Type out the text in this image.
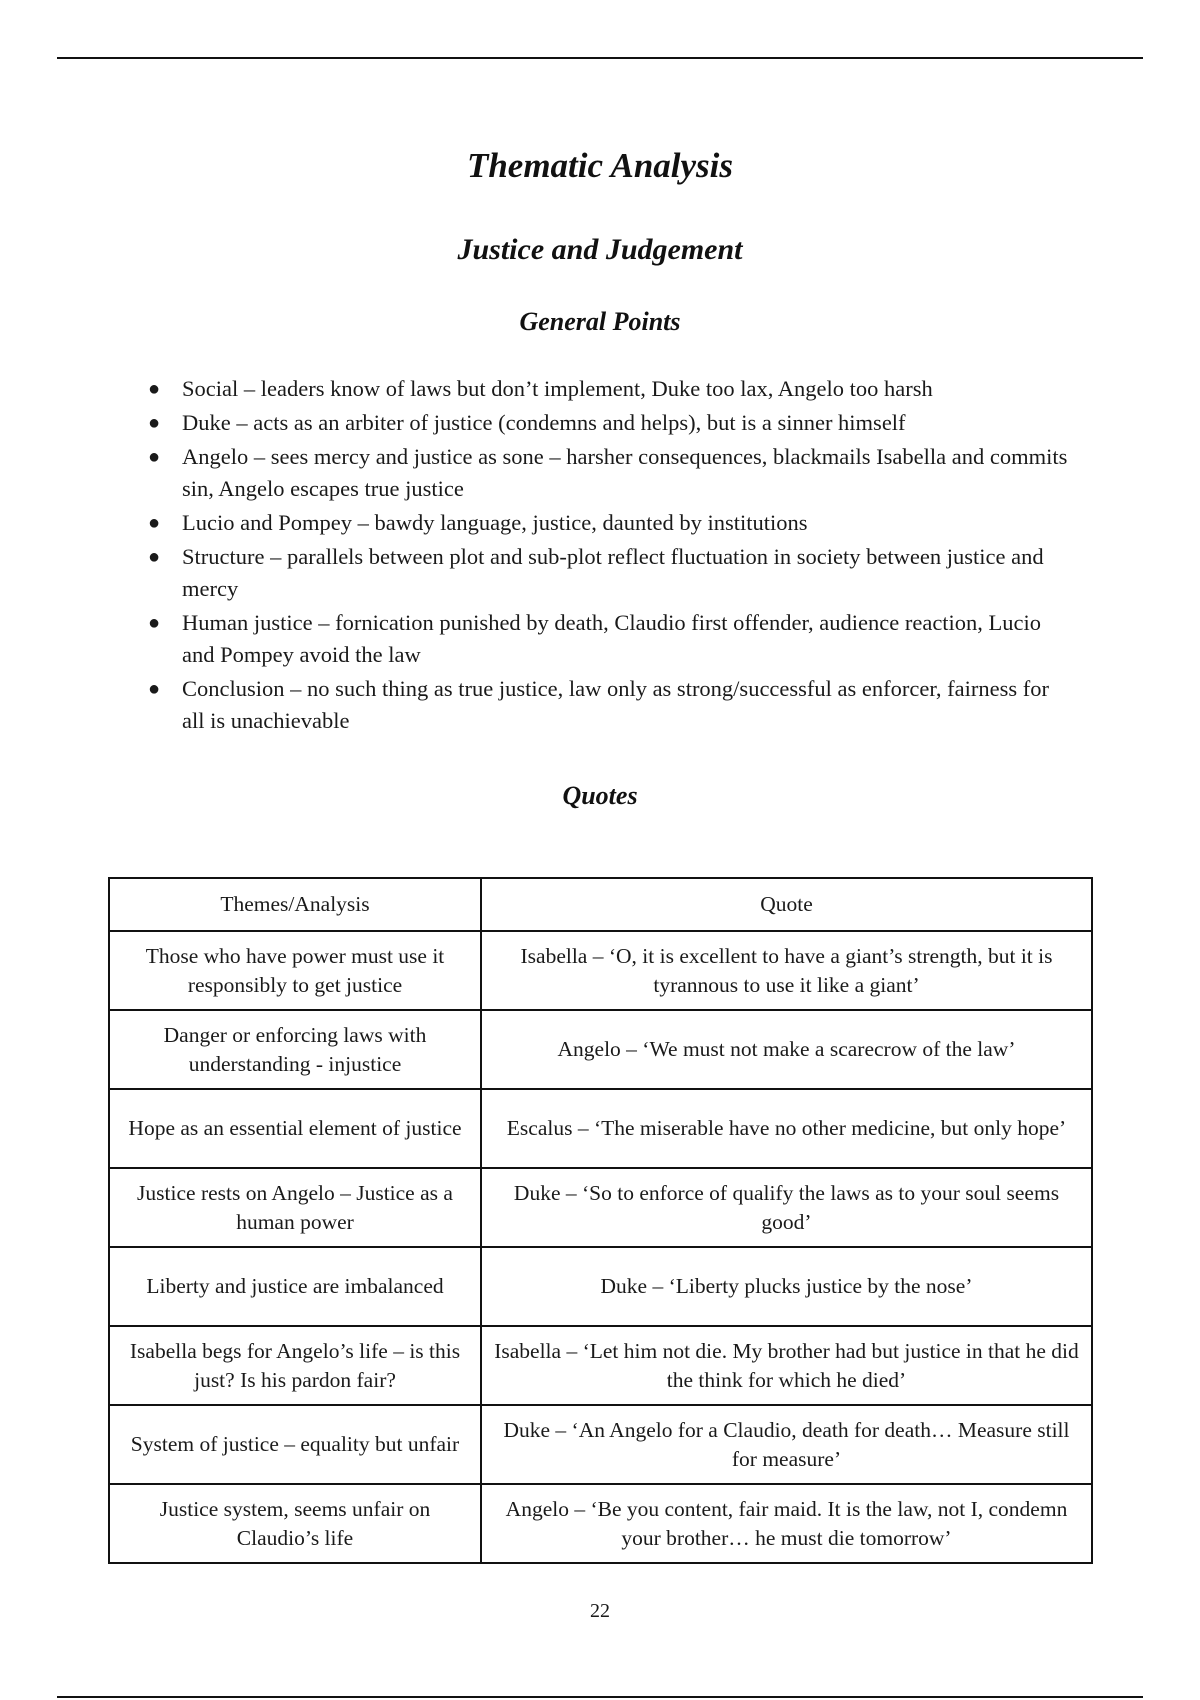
Thematic Analysis
Justice and Judgement
General Points
● Social – leaders know of laws but don’t implement, Duke too lax, Angelo too harsh
● Duke – acts as an arbiter of justice (condemns and helps), but is a sinner himself
● Angelo – sees mercy and justice as sone – harsher consequences, blackmails Isabella and commits sin, Angelo escapes true justice
● Lucio and Pompey – bawdy language, justice, daunted by institutions
● Structure – parallels between plot and sub-plot reflect fluctuation in society between justice and mercy
● Human justice – fornication punished by death, Claudio first offender, audience reaction, Lucio and Pompey avoid the law
● Conclusion – no such thing as true justice, law only as strong/successful as enforcer, fairness for all is unachievable
Quotes
Themes/Analysis	Quote
Those who have power must use it responsibly to get justice	Isabella – ‘O, it is excellent to have a giant’s strength, but it is tyrannous to use it like a giant’
Danger or enforcing laws with understanding - injustice	Angelo – ‘We must not make a scarecrow of the law’
Hope as an essential element of justice	Escalus – ‘The miserable have no other medicine, but only hope’
Justice rests on Angelo – Justice as a human power	Duke – ‘So to enforce of qualify the laws as to your soul seems good’
Liberty and justice are imbalanced	Duke – ‘Liberty plucks justice by the nose’
Isabella begs for Angelo’s life – is this just? Is his pardon fair?	Isabella – ‘Let him not die. My brother had but justice in that he did the think for which he died’
System of justice – equality but unfair	Duke – ‘An Angelo for a Claudio, death for death… Measure still for measure’
Justice system, seems unfair on Claudio’s life	Angelo – ‘Be you content, fair maid. It is the law, not I, condemn your brother… he must die tomorrow’
22
